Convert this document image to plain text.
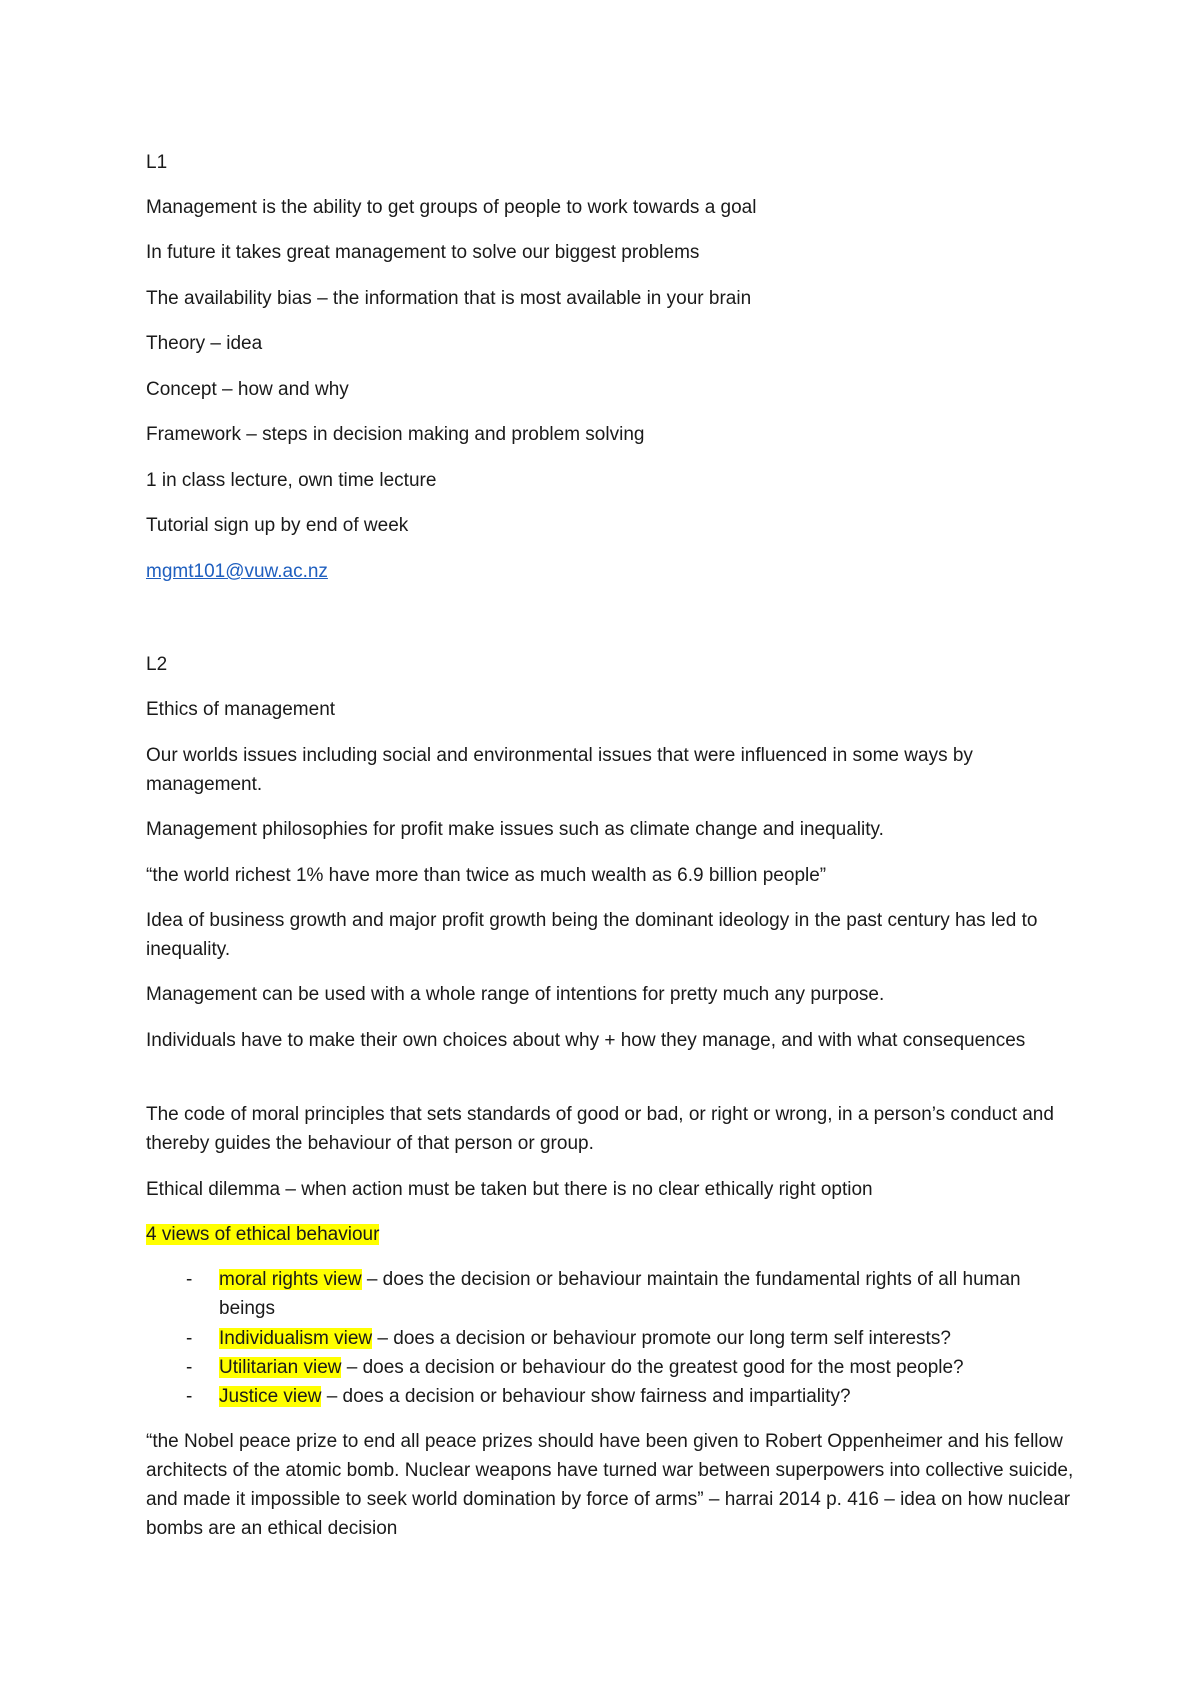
L1

Management is the ability to get groups of people to work towards a goal

In future it takes great management to solve our biggest problems

The availability bias – the information that is most available in your brain

Theory – idea

Concept – how and why

Framework – steps in decision making and problem solving

1 in class lecture, own time lecture

Tutorial sign up by end of week

mgmt101@vuw.ac.nz

L2

Ethics of management

Our worlds issues including social and environmental issues that were influenced in some ways by management.

Management philosophies for profit make issues such as climate change and inequality.

“the world richest 1% have more than twice as much wealth as 6.9 billion people”

Idea of business growth and major profit growth being the dominant ideology in the past century has led to inequality.

Management can be used with a whole range of intentions for pretty much any purpose.

Individuals have to make their own choices about why + how they manage, and with what consequences

The code of moral principles that sets standards of good or bad, or right or wrong, in a person’s conduct and thereby guides the behaviour of that person or group.

Ethical dilemma – when action must be taken but there is no clear ethically right option

4 views of ethical behaviour

- moral rights view – does the decision or behaviour maintain the fundamental rights of all human beings
- Individualism view – does a decision or behaviour promote our long term self interests?
- Utilitarian view – does a decision or behaviour do the greatest good for the most people?
- Justice view – does a decision or behaviour show fairness and impartiality?

“the Nobel peace prize to end all peace prizes should have been given to Robert Oppenheimer and his fellow architects of the atomic bomb. Nuclear weapons have turned war between superpowers into collective suicide, and made it impossible to seek world domination by force of arms” – harrai 2014 p. 416 – idea on how nuclear bombs are an ethical decision
